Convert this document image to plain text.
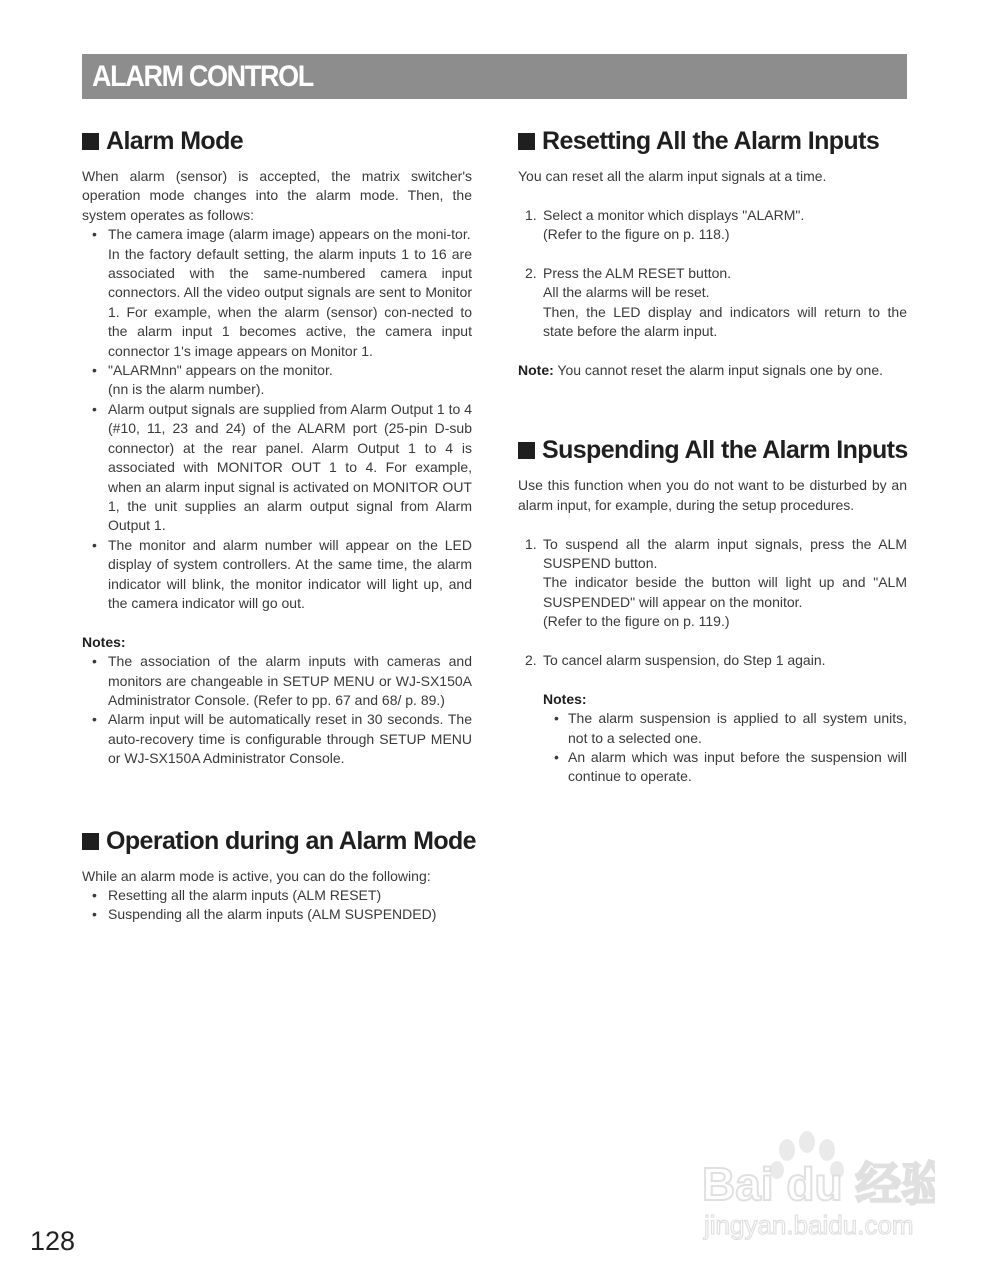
ALARM CONTROL
Alarm Mode

When alarm (sensor) is accepted, the matrix switcher's operation mode changes into the alarm mode. Then, the system operates as follows:

• The camera image (alarm image) appears on the moni-tor.
In the factory default setting, the alarm inputs 1 to 16 are associated with the same-numbered camera input connectors. All the video output signals are sent to Monitor 1. For example, when the alarm (sensor) con-nected to the alarm input 1 becomes active, the camera input connector 1's image appears on Monitor 1.
• "ALARMnn" appears on the monitor.
(nn is the alarm number).
• Alarm output signals are supplied from Alarm Output 1 to 4 (#10, 11, 23 and 24) of the ALARM port (25-pin D-sub connector) at the rear panel. Alarm Output 1 to 4 is associated with MONITOR OUT 1 to 4. For example, when an alarm input signal is activated on MONITOR OUT 1, the unit supplies an alarm output signal from Alarm Output 1.
• The monitor and alarm number will appear on the LED display of system controllers. At the same time, the alarm indicator will blink, the monitor indicator will light up, and the camera indicator will go out.

Notes:

• The association of the alarm inputs with cameras and monitors are changeable in SETUP MENU or WJ-SX150A Administrator Console. (Refer to pp. 67 and 68/ p. 89.)
• Alarm input will be automatically reset in 30 seconds. The auto-recovery time is configurable through SETUP MENU or WJ-SX150A Administrator Console.
Operation during an Alarm Mode

While an alarm mode is active, you can do the following:

• Resetting all the alarm inputs (ALM RESET)
• Suspending all the alarm inputs (ALM SUSPENDED)
Resetting All the Alarm Inputs

You can reset all the alarm input signals at a time.

1. Select a monitor which displays "ALARM".
(Refer to the figure on p. 118.)
2. Press the ALM RESET button.
All the alarms will be reset.
Then, the LED display and indicators will return to the state before the alarm input.

Note: You cannot reset the alarm input signals one by one.

Suspending All the Alarm Inputs

Use this function when you do not want to be disturbed by an alarm input, for example, during the setup procedures.

1. To suspend all the alarm input signals, press the ALM SUSPEND button.
The indicator beside the button will light up and "ALM SUSPENDED" will appear on the monitor.
(Refer to the figure on p. 119.)
2. To cancel alarm suspension, do Step 1 again.

Notes:

• The alarm suspension is applied to all system units, not to a selected one.
• An alarm which was input before the suspension will continue to operate.
128
Bai du 经验
jingyan.baidu.com
